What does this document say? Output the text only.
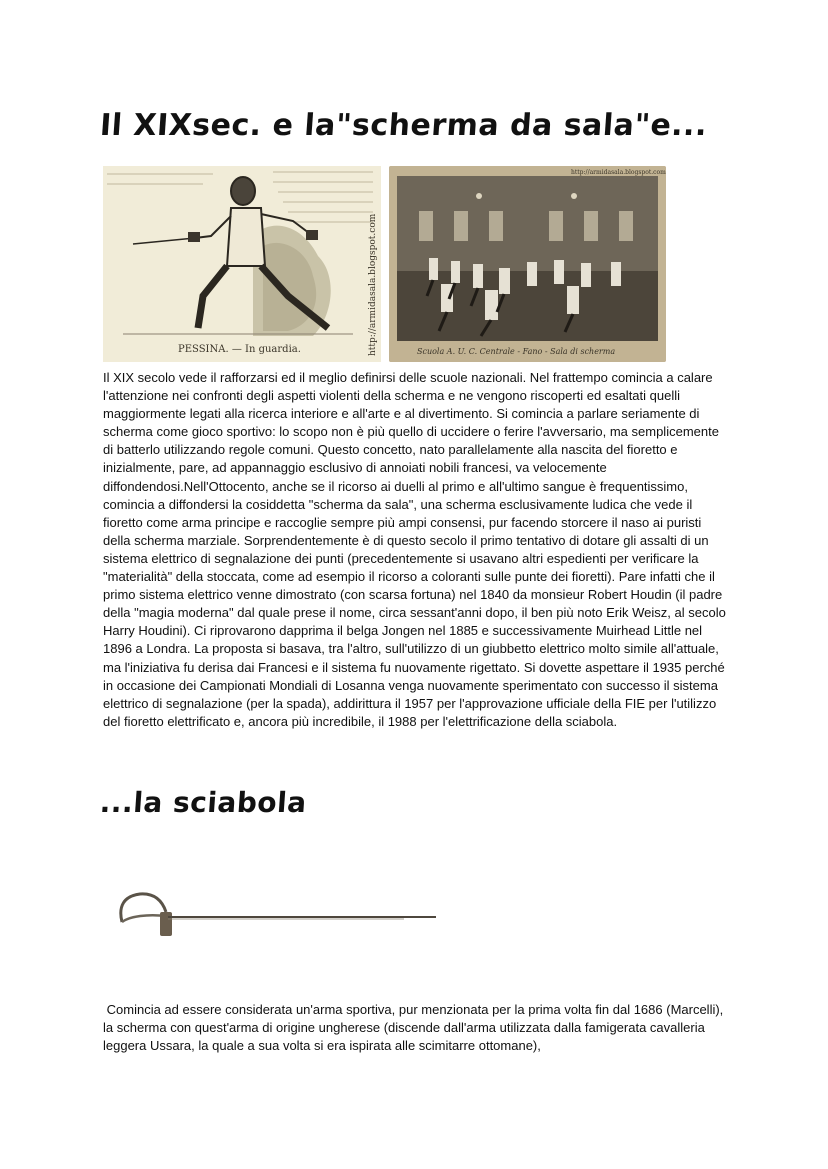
Il XIXsec. e la"scherma da sala"e...
PESSINA. — In guardia.	http://armidasala.blogspot.com	Scuola A. U. C. Centrale - Fano - Sala di scherma
http://armidasala.blogspot.com

Il XIX secolo vede il rafforzarsi ed il meglio definirsi delle scuole nazionali. Nel frattempo comincia a calare l'attenzione nei confronti degli aspetti violenti della scherma e ne vengono riscoperti ed esaltati quelli maggiormente legati alla ricerca interiore e all'arte e al divertimento. Si comincia a parlare seriamente di scherma come gioco sportivo: lo scopo non è più quello di uccidere o ferire l'avversario, ma semplicemente di batterlo utilizzando regole comuni. Questo concetto, nato parallelamente alla nascita del fioretto e inizialmente, pare, ad appannaggio esclusivo di annoiati nobili francesi, va velocemente diffondendosi.Nell'Ottocento, anche se il ricorso ai duelli al primo e all'ultimo sangue è frequentissimo, comincia a diffondersi la cosiddetta "scherma da sala", una scherma esclusivamente ludica che vede il fioretto come arma principe e raccoglie sempre più ampi consensi, pur facendo storcere il naso ai puristi della scherma marziale. Sorprendentemente è di questo secolo il primo tentativo di dotare gli assalti di un sistema elettrico di segnalazione dei punti (precedentemente si usavano altri espedienti per verificare la "materialità" della stoccata, come ad esempio il ricorso a coloranti sulle punte dei fioretti). Pare infatti che il primo sistema elettrico venne dimostrato (con scarsa fortuna) nel 1840 da monsieur Robert Houdin (il padre della "magia moderna" dal quale prese il nome, circa sessant'anni dopo, il ben più noto Erik Weisz, al secolo Harry Houdini). Ci riprovarono dapprima il belga Jongen nel 1885 e successivamente Muirhead Little nel 1896 a Londra. La proposta si basava, tra l'altro, sull'utilizzo di un giubbetto elettrico molto simile all'attuale, ma l'iniziativa fu derisa dai Francesi e il sistema fu nuovamente rigettato. Si dovette aspettare il 1935 perché in occasione dei Campionati Mondiali di Losanna venga nuovamente sperimentato con successo il sistema elettrico di segnalazione (per la spada), addirittura il 1957 per l'approvazione ufficiale della FIE per l'utilizzo del fioretto elettrificato e, ancora più incredibile, il 1988 per l'elettrificazione della sciabola.

...la sciabola

Comincia ad essere considerata un'arma sportiva, pur menzionata per la prima volta fin dal 1686 (Marcelli), la scherma con quest'arma di origine ungherese (discende dall'arma utilizzata dalla famigerata cavalleria leggera Ussara, la quale a sua volta si era ispirata alle scimitarre ottomane),
